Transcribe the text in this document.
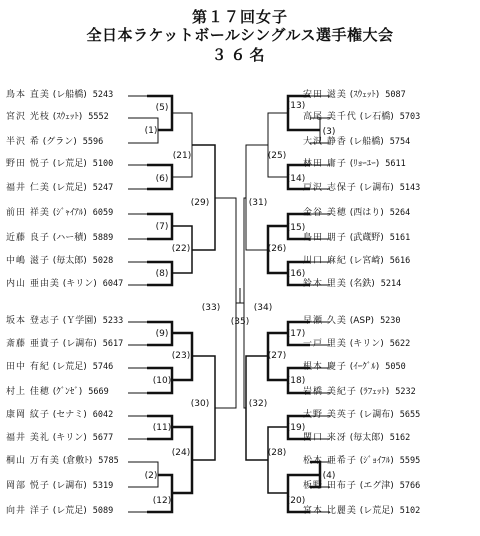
第１７回女子
全日本ラケットボールシングルス選手権大会
３６名
鳥本 直美 (レ船橋) 5243
宮沢 光枝 (ｽｳｪｯﾄ) 5552
半沢 希 (グラン) 5596
野田 悦子 (レ荒足) 5100
福井 仁美 (レ荒足) 5247
前田 祥美 (ｼﾞｬｲｱﾙ) 6059
近藤 良子 (ハー積) 5889
中嶋 滋子 (毎太郎) 5028
内山 亜由美 (キリン) 6047
坂本 登志子 (Ｙ学園) 5233
斎藤 亜貴子 (レ調布) 5617
田中 有紀 (レ荒足) 5746
村上 佳穂 (ｸﾞﾝｾﾞ) 5669
康岡 紋子 (セナミ) 6042
福井 美礼 (キリン) 5677
桐山 万有美 (倉敷ﾄ) 5785
岡部 悦子 (レ調布) 5319
向井 洋子 (レ荒足) 5089
安田 滋美 (ｽｳｪｯﾄ) 5087
高尾 美千代 (レ石橋) 5703
大沢 静香 (レ船橋) 5754
林田 庸子 (ﾘｮｰﾕｰ) 5611
戸沢 志保子 (レ調布) 5143
金谷 美穂 (西はり) 5264
島田 朋子 (武蔵野) 5161
川口 麻紀 (レ宮崎) 5616
鈴木 里美 (名鉄) 5214
早瀬 久美 (ASP) 5230
一戸 里美 (キリン) 5622
根本 慶子 (ｲｰｸﾞﾙ) 5050
岩橋 美紀子 (ﾗﾌｪｯﾄ) 5232
大野 美英子 (レ調布) 5655
関口 来冴 (毎太郎) 5162
松本 亜希子 (ｼﾞｮｲﾌﾙ) 5595
板野 田布子 (エグ津) 5766
宮本 比麗美 (レ荒足) 5102
(1)
(5)
(6)
(21)
(7)
(8)
(22)
(29)
(9)
(10)
(23)
(11)
(2)
(12)
(24)
(30)
(33)
(3)
(13)
(14)
(25)
(15)
(16)
(26)
(31)
(17)
(18)
(27)
(19)
(4)
(20)
(28)
(32)
(34)
(35)
